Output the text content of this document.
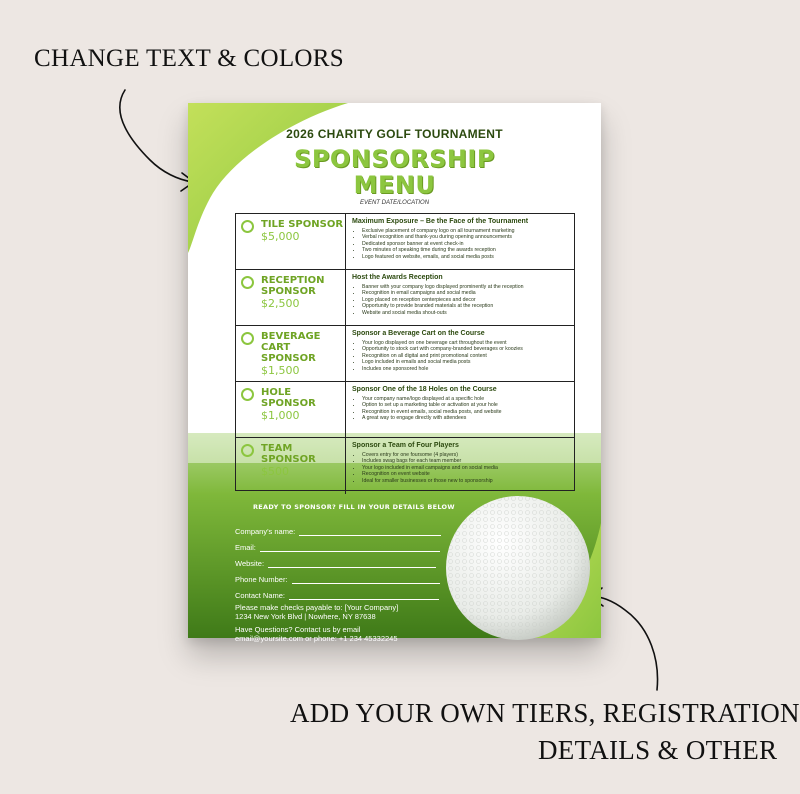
CHANGE TEXT & COLORS
ADD YOUR OWN TIERS, REGISTRATION
DETAILS & OTHER
2026 CHARITY GOLF TOURNAMENT
SPONSORSHIP
MENU
EVENT DATE/LOCATION
TILE SPONSOR
$5,000
Maximum Exposure – Be the Face of the Tournament
• Exclusive placement of company logo on all tournament marketing
• Verbal recognition and thank-you during opening announcements
• Dedicated sponsor banner at event check-in
• Two minutes of speaking time during the awards reception
• Logo featured on website, emails, and social media posts
RECEPTION SPONSOR
$2,500
Host the Awards Reception
• Banner with your company logo displayed prominently at the reception
• Recognition in email campaigns and social media
• Logo placed on reception centerpieces and decor
• Opportunity to provide branded materials at the reception
• Website and social media shout-outs
BEVERAGE CART SPONSOR
$1,500
Sponsor a Beverage Cart on the Course
• Your logo displayed on one beverage cart throughout the event
• Opportunity to stock cart with company-branded beverages or koozies
• Recognition on all digital and print promotional content
• Logo included in emails and social media posts
• Includes one sponsored hole
HOLE SPONSOR
$1,000
Sponsor One of the 18 Holes on the Course
• Your company name/logo displayed at a specific hole
• Option to set up a marketing table or activation at your hole
• Recognition in event emails, social media posts, and website
• A great way to engage directly with attendees
TEAM SPONSOR
$500
Sponsor a Team of Four Players
• Covers entry for one foursome (4 players)
• Includes swag bags for each team member
• Your logo included in email campaigns and on social media
• Recognition on event website
• Ideal for smaller businesses or those new to sponsorship
READY TO SPONSOR? FILL IN YOUR DETAILS BELOW
Company's name:
Email:
Website:
Phone Number:
Contact Name:
Please make checks payable to: [Your Company]
1234 New York Blvd | Nowhere, NY 87638
Have Questions? Contact us by email
email@yoursite.com or phone: +1 234 45332245
